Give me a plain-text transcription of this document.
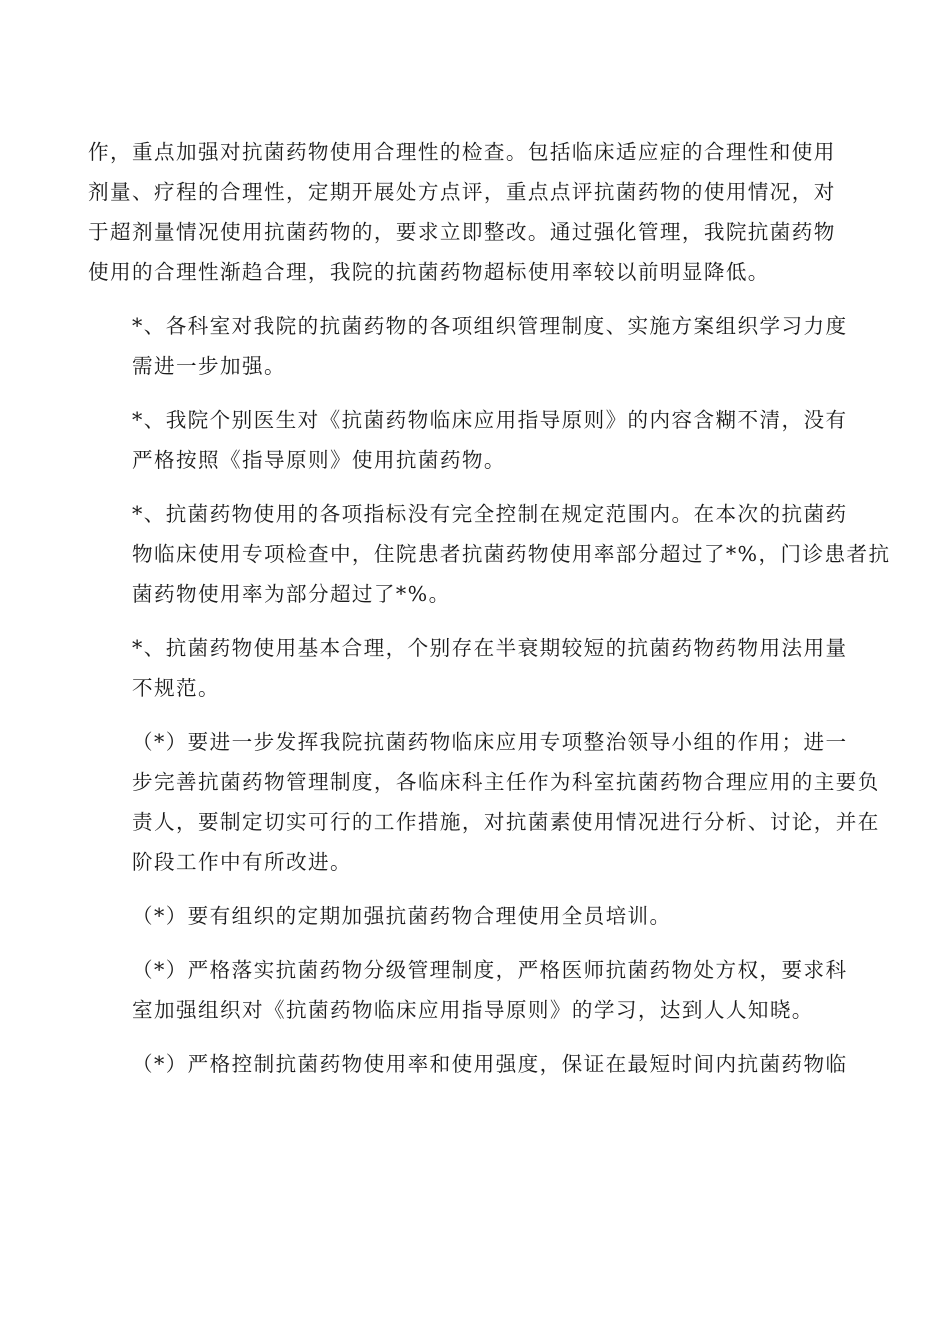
作，重点加强对抗菌药物使用合理性的检查。包括临床适应症的合理性和使用
剂量、疗程的合理性，定期开展处方点评，重点点评抗菌药物的使用情况，对
于超剂量情况使用抗菌药物的，要求立即整改。通过强化管理，我院抗菌药物
使用的合理性渐趋合理，我院的抗菌药物超标使用率较以前明显降低。

*、各科室对我院的抗菌药物的各项组织管理制度、实施方案组织学习力度
需进一步加强。

*、我院个别医生对《抗菌药物临床应用指导原则》的内容含糊不清，没有
严格按照《指导原则》使用抗菌药物。

*、抗菌药物使用的各项指标没有完全控制在规定范围内。在本次的抗菌药
物临床使用专项检查中，住院患者抗菌药物使用率部分超过了*%，门诊患者抗
菌药物使用率为部分超过了*%。

*、抗菌药物使用基本合理，个别存在半衰期较短的抗菌药物药物用法用量
不规范。

（*）要进一步发挥我院抗菌药物临床应用专项整治领导小组的作用；进一
步完善抗菌药物管理制度，各临床科主任作为科室抗菌药物合理应用的主要负
责人，要制定切实可行的工作措施，对抗菌素使用情况进行分析、讨论，并在
阶段工作中有所改进。

（*）要有组织的定期加强抗菌药物合理使用全员培训。

（*）严格落实抗菌药物分级管理制度，严格医师抗菌药物处方权，要求科
室加强组织对《抗菌药物临床应用指导原则》的学习，达到人人知晓。

（*）严格控制抗菌药物使用率和使用强度，保证在最短时间内抗菌药物临
